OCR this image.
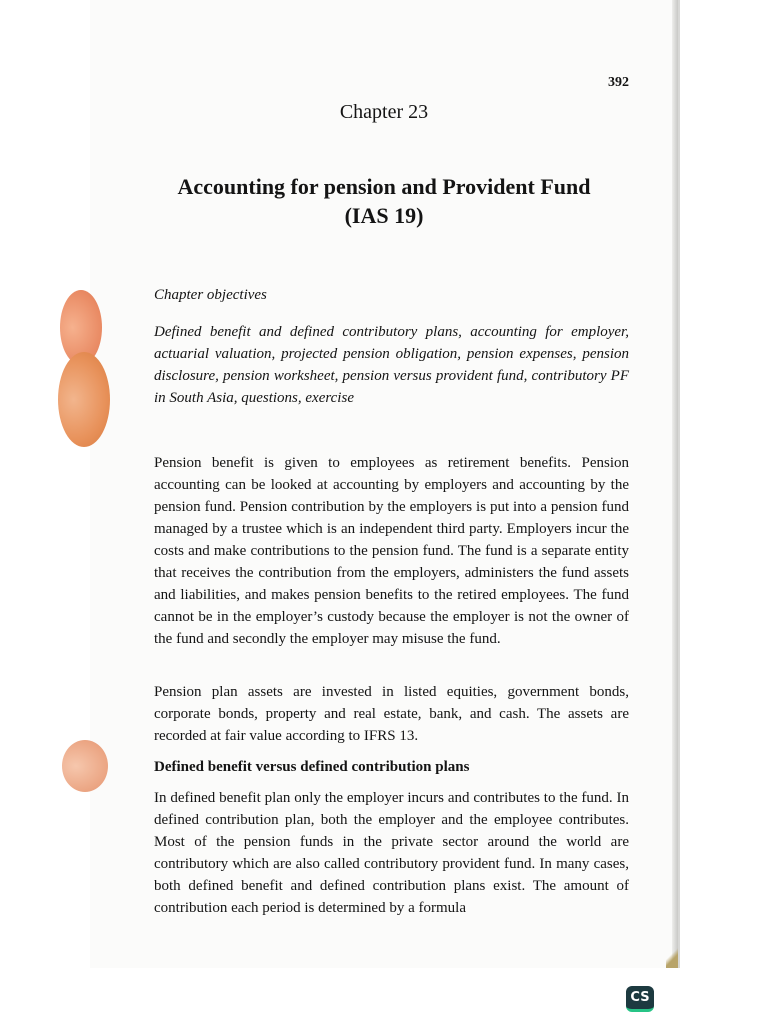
392
Chapter 23
Accounting for pension and Provident Fund
(IAS 19)
Chapter objectives
Defined benefit and defined contributory plans, accounting for employer, actuarial valuation, projected pension obligation, pension expenses, pension disclosure, pension worksheet, pension versus provident fund, contributory PF in South Asia, questions, exercise

Pension benefit is given to employees as retirement benefits. Pension accounting can be looked at accounting by employers and accounting by the pension fund. Pension contribution by the employers is put into a pension fund managed by a trustee which is an independent third party. Employers incur the costs and make contributions to the pension fund. The fund is a separate entity that receives the contribution from the employers, administers the fund assets and liabilities, and makes pension benefits to the retired employees. The fund cannot be in the employer’s custody because the employer is not the owner of the fund and secondly the employer may misuse the fund.

Pension plan assets are invested in listed equities, government bonds, corporate bonds, property and real estate, bank, and cash. The assets are recorded at fair value according to IFRS 13.

Defined benefit versus defined contribution plans

In defined benefit plan only the employer incurs and contributes to the fund. In defined contribution plan, both the employer and the employee contributes. Most of the pension funds in the private sector around the world are contributory which are also called contributory provident fund. In many cases, both defined benefit and defined contribution plans exist. The amount of contribution each period is determined by a formula

CS
